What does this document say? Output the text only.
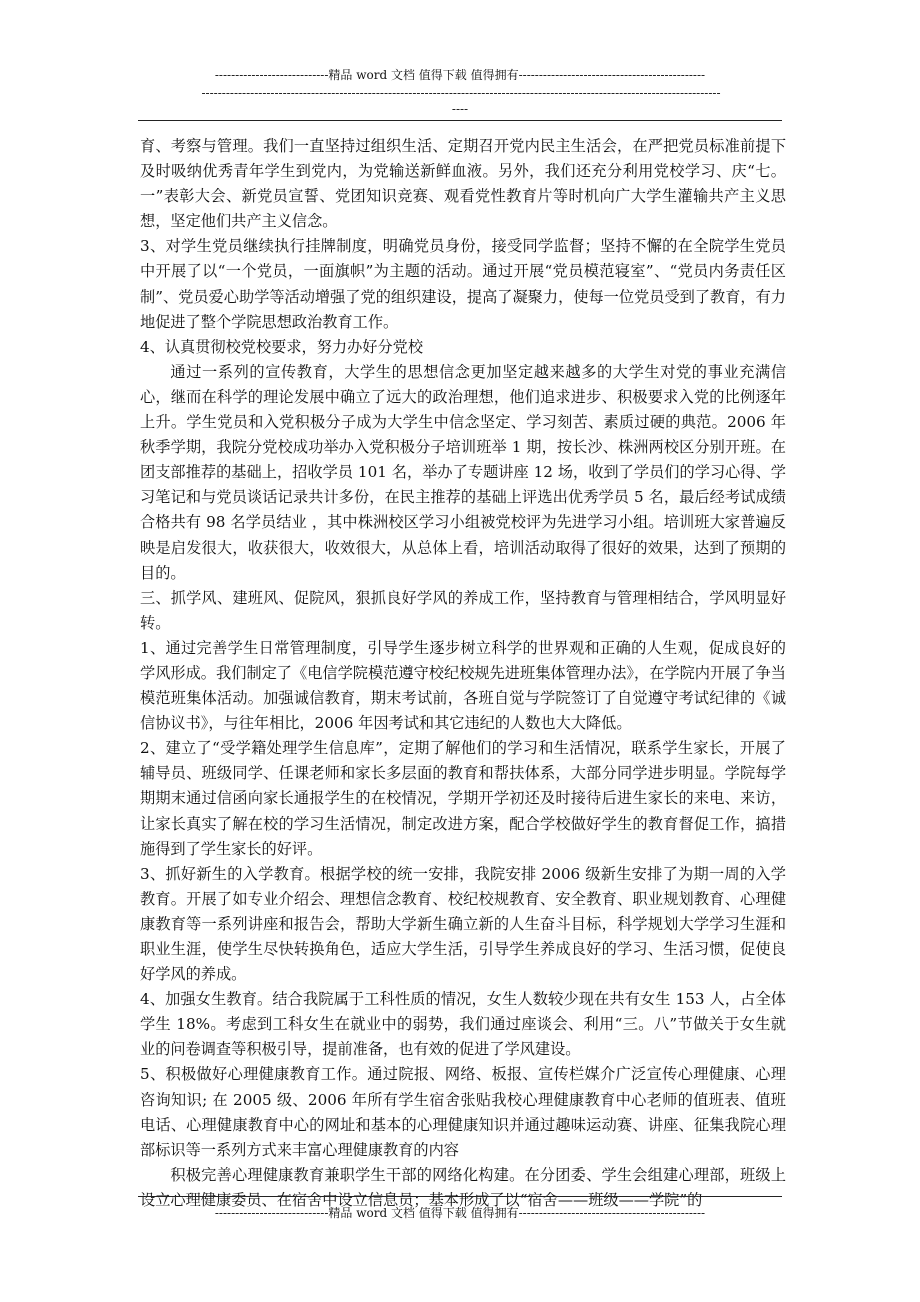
----------------------------精品 word 文档 值得下载 值得拥有----------------------------------------------
--------------------------------------------------------------------------------------------------------------------------------
----

育、考察与管理。我们一直坚持过组织生活、定期召开党内民主生活会，在严把党员标准前提下及时吸纳优秀青年学生到党内，为党输送新鲜血液。另外，我们还充分利用党校学习、庆“七。一”表彰大会、新党员宣誓、党团知识竞赛、观看党性教育片等时机向广大学生灌输共产主义思想，坚定他们共产主义信念。

3、对学生党员继续执行挂牌制度，明确党员身份，接受同学监督；坚持不懈的在全院学生党员中开展了以“一个党员，一面旗帜”为主题的活动。通过开展“党员模范寝室”、“党员内务责任区制”、党员爱心助学等活动增强了党的组织建设，提高了凝聚力，使每一位党员受到了教育，有力地促进了整个学院思想政治教育工作。

4、认真贯彻校党校要求，努力办好分党校

通过一系列的宣传教育，大学生的思想信念更加坚定越来越多的大学生对党的事业充满信心，继而在科学的理论发展中确立了远大的政治理想，他们追求进步、积极要求入党的比例逐年上升。学生党员和入党积极分子成为大学生中信念坚定、学习刻苦、素质过硬的典范。2006 年秋季学期，我院分党校成功举办入党积极分子培训班举 1 期，按长沙、株洲两校区分别开班。在团支部推荐的基础上，招收学员 101 名，举办了专题讲座 12 场，收到了学员们的学习心得、学习笔记和与党员谈话记录共计多份，在民主推荐的基础上评选出优秀学员 5 名，最后经考试成绩合格共有 98 名学员结业 ，其中株洲校区学习小组被党校评为先进学习小组。培训班大家普遍反映是启发很大，收获很大，收效很大，从总体上看，培训活动取得了很好的效果，达到了预期的目的。

三、抓学风、建班风、促院风，狠抓良好学风的养成工作，坚持教育与管理相结合，学风明显好转。

1、通过完善学生日常管理制度，引导学生逐步树立科学的世界观和正确的人生观，促成良好的学风形成。我们制定了《电信学院模范遵守校纪校规先进班集体管理办法》，在学院内开展了争当模范班集体活动。加强诚信教育，期末考试前，各班自觉与学院签订了自觉遵守考试纪律的《诚信协议书》，与往年相比，2006 年因考试和其它违纪的人数也大大降低。

2、建立了“受学籍处理学生信息库”，定期了解他们的学习和生活情况，联系学生家长，开展了辅导员、班级同学、任课老师和家长多层面的教育和帮扶体系，大部分同学进步明显。学院每学期期末通过信函向家长通报学生的在校情况，学期开学初还及时接待后进生家长的来电、来访，让家长真实了解在校的学习生活情况，制定改进方案，配合学校做好学生的教育督促工作，搞措施得到了学生家长的好评。

3、抓好新生的入学教育。根据学校的统一安排，我院安排 2006 级新生安排了为期一周的入学教育。开展了如专业介绍会、理想信念教育、校纪校规教育、安全教育、职业规划教育、心理健康教育等一系列讲座和报告会，帮助大学新生确立新的人生奋斗目标，科学规划大学学习生涯和职业生涯，使学生尽快转换角色，适应大学生活，引导学生养成良好的学习、生活习惯，促使良好学风的养成。

4、加强女生教育。结合我院属于工科性质的情况，女生人数较少现在共有女生 153 人，占全体学生 18%。考虑到工科女生在就业中的弱势，我们通过座谈会、利用“三。八”节做关于女生就业的问卷调查等积极引导，提前准备，也有效的促进了学风建设。

5、积极做好心理健康教育工作。通过院报、网络、板报、宣传栏媒介广泛宣传心理健康、心理咨询知识; 在 2005 级、2006 年所有学生宿舍张贴我校心理健康教育中心老师的值班表、值班电话、心理健康教育中心的网址和基本的心理健康知识并通过趣味运动赛、讲座、征集我院心理部标识等一系列方式来丰富心理健康教育的内容

积极完善心理健康教育兼职学生干部的网络化构建。在分团委、学生会组建心理部，班级上设立心理健康委员、在宿舍中设立信息员；基本形成了以“宿舍——班级——学院”的

----------------------------精品 word 文档 值得下载 值得拥有----------------------------------------------
